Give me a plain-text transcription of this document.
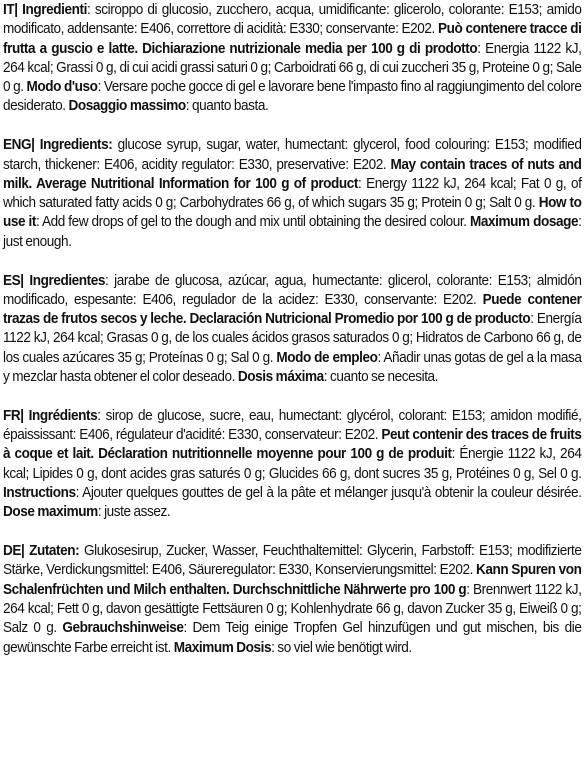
IT| Ingredienti: sciroppo di glucosio, zucchero, acqua, umidificante: glicerolo, colorante: E153; amido modificato, addensante: E406, correttore di acidità: E330; conservante: E202. Può contenere tracce di frutta a guscio e latte. Dichiarazione nutrizionale media per 100 g di prodotto: Energia 1122 kJ, 264 kcal; Grassi 0 g, di cui acidi grassi saturi 0 g; Carboidrati 66 g, di cui zuccheri 35 g, Proteine 0 g; Sale 0 g. Modo d'uso: Versare poche gocce di gel e lavorare bene l'impasto fino al raggiungimento del colore desiderato. Dosaggio massimo: quanto basta.

ENG| Ingredients: glucose syrup, sugar, water, humectant: glycerol, food colouring: E153; modified starch, thickener: E406, acidity regulator: E330, preservative: E202. May contain traces of nuts and milk. Average Nutritional Information for 100 g of product: Energy 1122 kJ, 264 kcal; Fat 0 g, of which saturated fatty acids 0 g; Carbohydrates 66 g, of which sugars 35 g; Protein 0 g; Salt 0 g. How to use it: Add few drops of gel to the dough and mix until obtaining the desired colour. Maximum dosage: just enough.

ES| Ingredientes: jarabe de glucosa, azúcar, agua, humectante: glicerol, colorante: E153; almidón modificado, espesante: E406, regulador de la acidez: E330, conservante: E202. Puede contener trazas de frutos secos y leche. Declaración Nutricional Promedio por 100 g de producto: Energía 1122 kJ, 264 kcal; Grasas 0 g, de los cuales ácidos grasos saturados 0 g; Hidratos de Carbono 66 g, de los cuales azúcares 35 g; Proteínas 0 g; Sal 0 g. Modo de empleo: Añadir unas gotas de gel a la masa y mezclar hasta obtener el color deseado. Dosis máxima: cuanto se necesita.

FR| Ingrédients: sirop de glucose, sucre, eau, humectant: glycérol, colorant: E153; amidon modifié, épaississant: E406, régulateur d'acidité: E330, conservateur: E202. Peut contenir des traces de fruits à coque et lait. Déclaration nutritionnelle moyenne pour 100 g de produit: Énergie 1122 kJ, 264 kcal; Lipides 0 g, dont acides gras saturés 0 g; Glucides 66 g, dont sucres 35 g, Protéines 0 g, Sel 0 g. Instructions: Ajouter quelques gouttes de gel à la pâte et mélanger jusqu'à obtenir la couleur désirée. Dose maximum: juste assez.

DE| Zutaten: Glukosesirup, Zucker, Wasser, Feuchthaltemittel: Glycerin, Farbstoff: E153; modifizierte Stärke, Verdickungsmittel: E406, Säureregulator: E330, Konservierungsmittel: E202. Kann Spuren von Schalenfrüchten und Milch enthalten. Durchschnittliche Nährwerte pro 100 g: Brennwert 1122 kJ, 264 kcal; Fett 0 g, davon gesättigte Fettsäuren 0 g; Kohlenhydrate 66 g, davon Zucker 35 g, Eiweiß 0 g; Salz 0 g. Gebrauchshinweise: Dem Teig einige Tropfen Gel hinzufügen und gut mischen, bis die gewünschte Farbe erreicht ist. Maximum Dosis: so viel wie benötigt wird.
